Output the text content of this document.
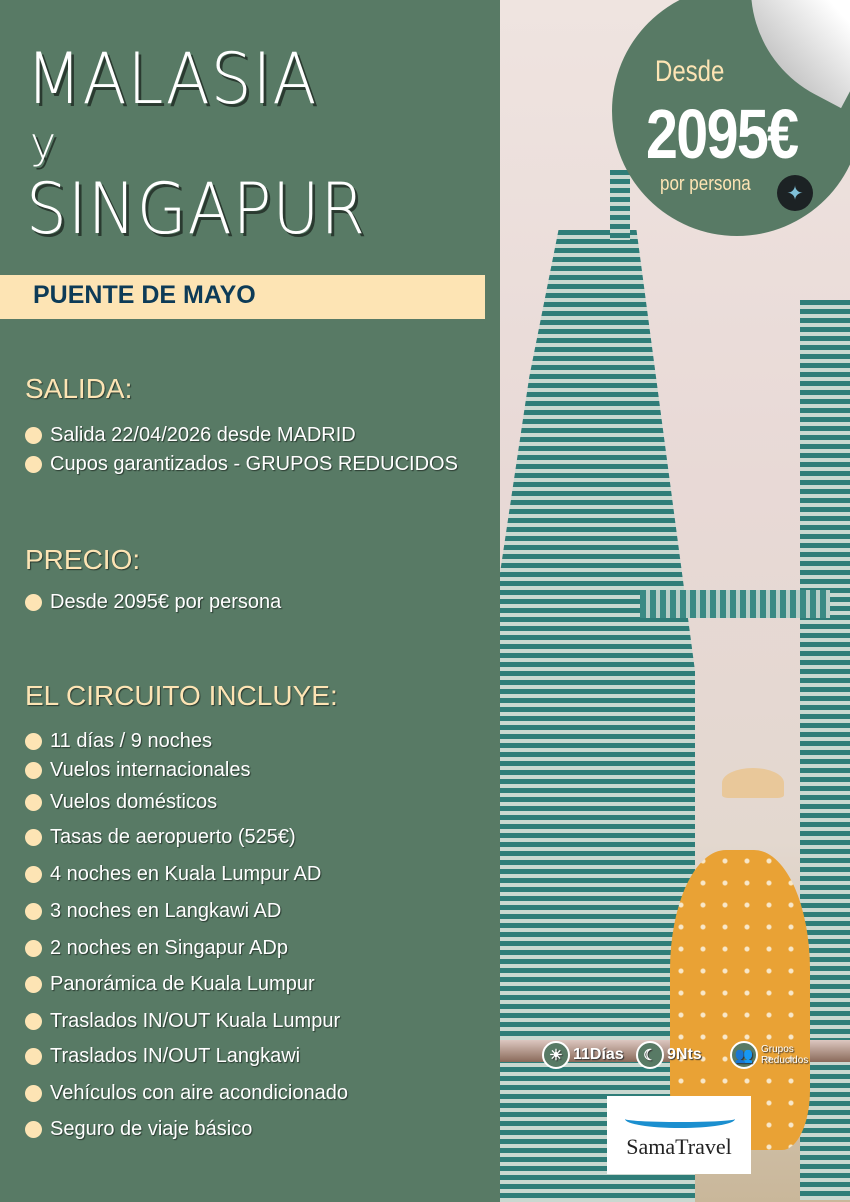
MALASIA
y
SINGAPUR
PUENTE DE MAYO
SALIDA:
Salida 22/04/2026 desde MADRID
Cupos garantizados - GRUPOS REDUCIDOS
PRECIO:
Desde 2095€ por persona
EL CIRCUITO INCLUYE:
11 días / 9 noches
Vuelos internacionales
Vuelos domésticos
Tasas de aeropuerto (525€)
4 noches en Kuala Lumpur AD
3 noches en Langkawi AD
2 noches en Singapur ADp
Panorámica de Kuala Lumpur
Traslados IN/OUT Kuala Lumpur
Traslados IN/OUT Langkawi
Vehículos con aire acondicionado
Seguro de viaje básico
Desde
2095€
por persona	✦
☀ 11Días	☾ 9Nts	👥 Grupos
Reducidos
SamaTravel
